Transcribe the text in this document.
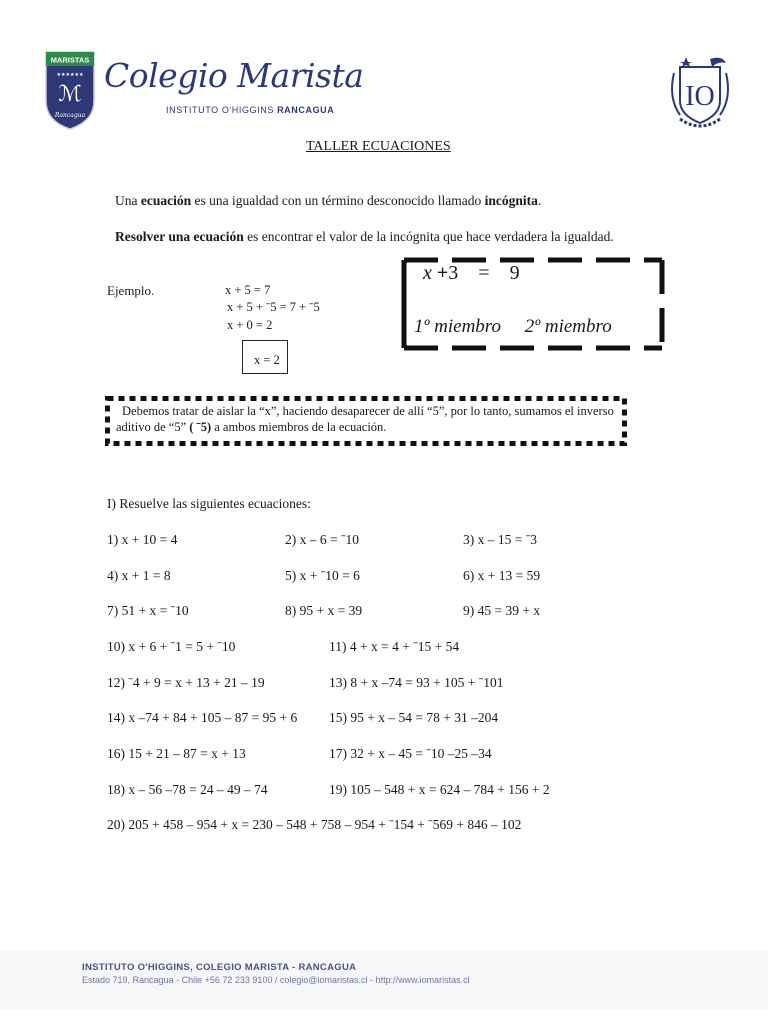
MARISTAS
★★★★★★
ℳ
Rancagua
Colegio Marista
INSTITUTO O'HIGGINS RANCAGUA	IO
TALLER ECUACIONES
Una ecuación es una igualdad con un término desconocido llamado incógnita.
Resolver una ecuación es encontrar el valor de la incógnita que hace verdadera la igualdad.
Ejemplo.	x + 5 = 7
x + 5 + ˉ5 = 7 + ˉ5
x + 0 = 2
x = 2
x +3 = 9
1º miembro 2º miembro
Debemos tratar de aislar la “x”, haciendo desaparecer de allí “5”, por lo tanto, sumamos el inverso aditivo de “5” ( ˉ5) a ambos miembros de la ecuación.
I) Resuelve las siguientes ecuaciones:
1) x + 10 = 4	2) x – 6 = ˉ10	3) x – 15 = ˉ3
4) x + 1 = 8	5) x + ˉ10 = 6	6) x + 13 = 59
7) 51 + x = ˉ10	8) 95 + x = 39	9) 45 = 39 + x
10) x + 6 + ˉ1 = 5 + ˉ10	11) 4 + x = 4 + ˉ15 + 54
12) ˉ4 + 9 = x + 13 + 21 – 19	13) 8 + x –74 = 93 + 105 + ˉ101
14) x –74 + 84 + 105 – 87 = 95 + 6 15) 95 + x – 54 = 78 + 31 –204
16) 15 + 21 – 87 = x + 13	17) 32 + x – 45 = ˉ10 –25 –34
18) x – 56 –78 = 24 – 49 – 74	19) 105 – 548 + x = 624 – 784 + 156 + 2
20) 205 + 458 – 954 + x = 230 – 548 + 758 – 954 + ˉ154 + ˉ569 + 846 – 102
INSTITUTO O'HIGGINS, COLEGIO MARISTA - RANCAGUA
Estado 719, Rancagua - Chile +56 72 233 9100 / colegio@iomaristas.cl - http://www.iomaristas.cl
